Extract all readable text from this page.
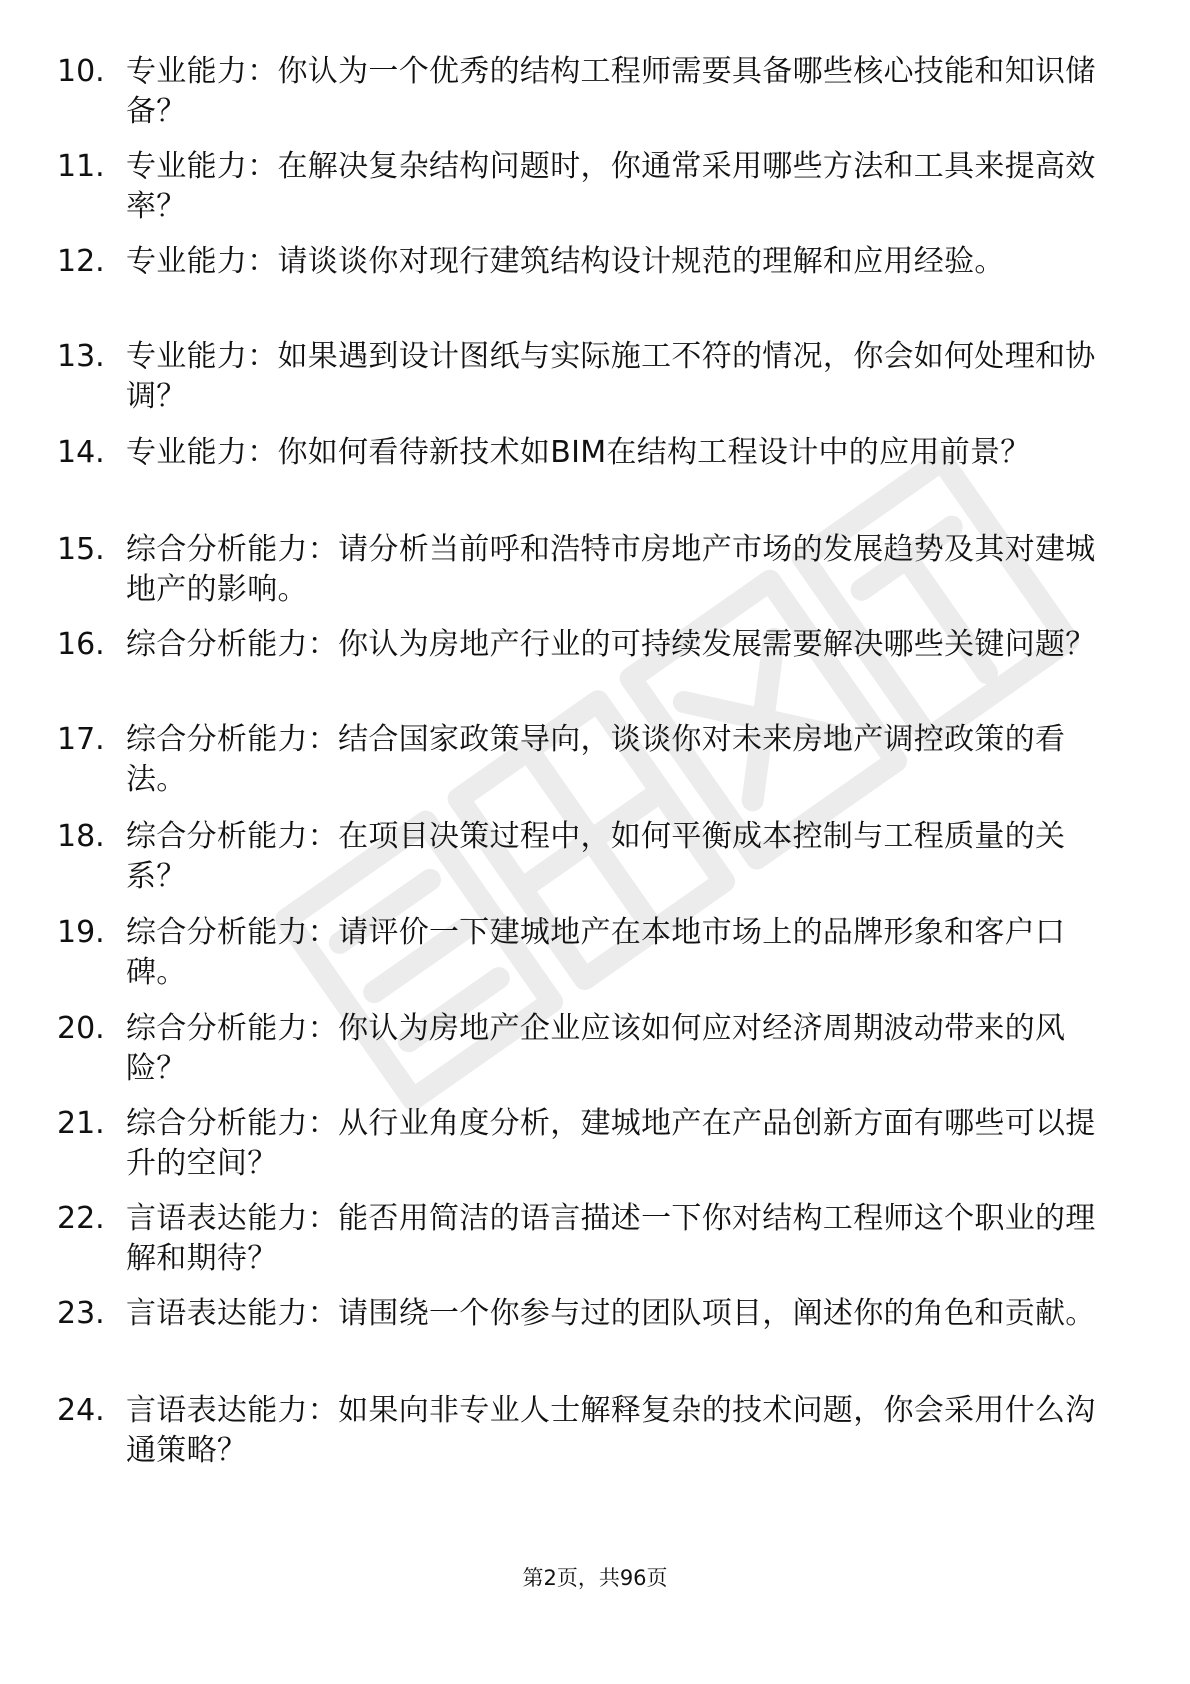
10. 专业能力：你认为一个优秀的结构工程师需要具备哪些核心技能和知识储备？
11. 专业能力：在解决复杂结构问题时，你通常采用哪些方法和工具来提高效率？
12. 专业能力：请谈谈你对现行建筑结构设计规范的理解和应用经验。
13. 专业能力：如果遇到设计图纸与实际施工不符的情况，你会如何处理和协调？
14. 专业能力：你如何看待新技术如BIM在结构工程设计中的应用前景？
15. 综合分析能力：请分析当前呼和浩特市房地产市场的发展趋势及其对建城地产的影响。
16. 综合分析能力：你认为房地产行业的可持续发展需要解决哪些关键问题？
17. 综合分析能力：结合国家政策导向，谈谈你对未来房地产调控政策的看法。
18. 综合分析能力：在项目决策过程中，如何平衡成本控制与工程质量的关系？
19. 综合分析能力：请评价一下建城地产在本地市场上的品牌形象和客户口碑。
20. 综合分析能力：你认为房地产企业应该如何应对经济周期波动带来的风险？
21. 综合分析能力：从行业角度分析，建城地产在产品创新方面有哪些可以提升的空间？
22. 言语表达能力：能否用简洁的语言描述一下你对结构工程师这个职业的理解和期待？
23. 言语表达能力：请围绕一个你参与过的团队项目，阐述你的角色和贡献。
24. 言语表达能力：如果向非专业人士解释复杂的技术问题，你会采用什么沟通策略？
第2页，共96页
